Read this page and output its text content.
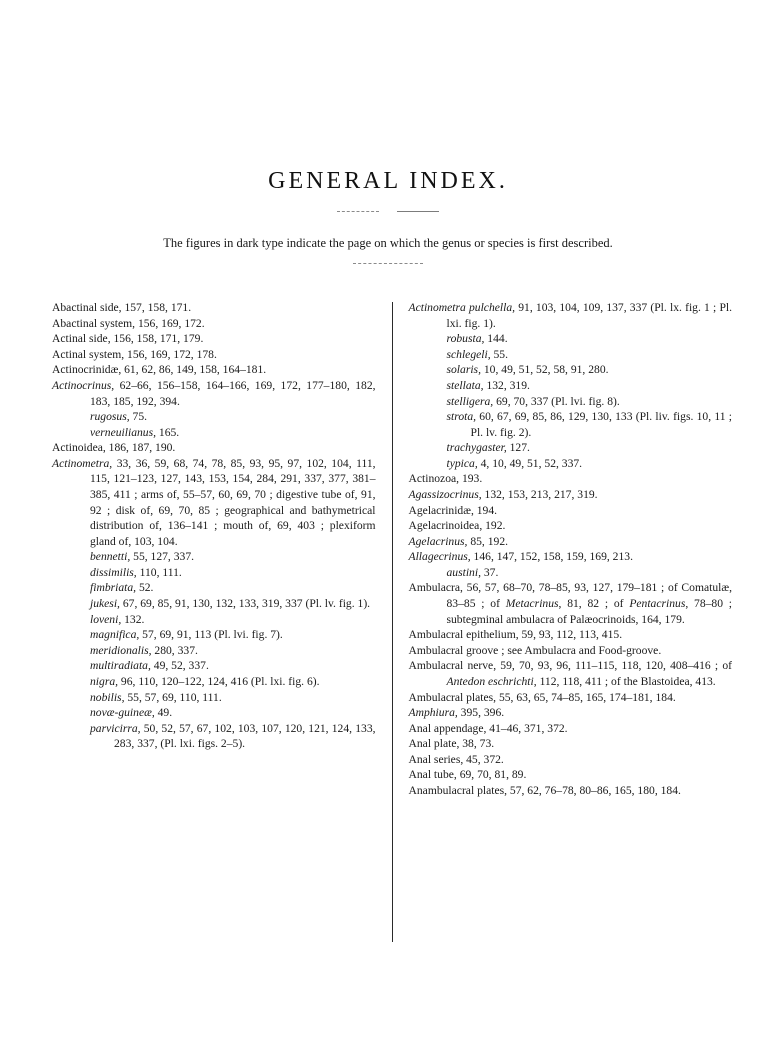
GENERAL INDEX.
The figures in dark type indicate the page on which the genus or species is first described.

Abactinal side, 157, 158, 171.

Abactinal system, 156, 169, 172.

Actinal side, 156, 158, 171, 179.

Actinal system, 156, 169, 172, 178.

Actinocrinidæ, 61, 62, 86, 149, 158, 164–181.

Actinocrinus, 62–66, 156–158, 164–166, 169, 172, 177–180, 182, 183, 185, 192, 394.

rugosus, 75.

verneuilianus, 165.

Actinoidea, 186, 187, 190.

Actinometra, 33, 36, 59, 68, 74, 78, 85, 93, 95, 97, 102, 104, 111, 115, 121–123, 127, 143, 153, 154, 284, 291, 337, 377, 381–385, 411 ; arms of, 55–57, 60, 69, 70 ; digestive tube of, 91, 92 ; disk of, 69, 70, 85 ; geographical and bathymetrical distribution of, 136–141 ; mouth of, 69, 403 ; plexiform gland of, 103, 104.

bennetti, 55, 127, 337.

dissimilis, 110, 111.

fimbriata, 52.

jukesi, 67, 69, 85, 91, 130, 132, 133, 319, 337 (Pl. lv. fig. 1).

loveni, 132.

magnifica, 57, 69, 91, 113 (Pl. lvi. fig. 7).

meridionalis, 280, 337.

multiradiata, 49, 52, 337.

nigra, 96, 110, 120–122, 124, 416 (Pl. lxi. fig. 6).

nobilis, 55, 57, 69, 110, 111.

novæ-guineæ, 49.

parvicirra, 50, 52, 57, 67, 102, 103, 107, 120, 121, 124, 133, 283, 337, (Pl. lxi. figs. 2–5).

Actinometra pulchella, 91, 103, 104, 109, 137, 337 (Pl. lx. fig. 1 ; Pl. lxi. fig. 1).

robusta, 144.

schlegeli, 55.

solaris, 10, 49, 51, 52, 58, 91, 280.

stellata, 132, 319.

stelligera, 69, 70, 337 (Pl. lvi. fig. 8).

strota, 60, 67, 69, 85, 86, 129, 130, 133 (Pl. liv. figs. 10, 11 ; Pl. lv. fig. 2).

trachygaster, 127.

typica, 4, 10, 49, 51, 52, 337.

Actinozoa, 193.

Agassizocrinus, 132, 153, 213, 217, 319.

Agelacrinidæ, 194.

Agelacrinoidea, 192.

Agelacrinus, 85, 192.

Allagecrinus, 146, 147, 152, 158, 159, 169, 213.

austini, 37.

Ambulacra, 56, 57, 68–70, 78–85, 93, 127, 179–181 ; of Comatulæ, 83–85 ; of Metacrinus, 81, 82 ; of Pentacrinus, 78–80 ; subtegminal ambulacra of Palæocrinoids, 164, 179.

Ambulacral epithelium, 59, 93, 112, 113, 415.

Ambulacral groove ; see Ambulacra and Food-groove.

Ambulacral nerve, 59, 70, 93, 96, 111–115, 118, 120, 408–416 ; of Antedon eschrichti, 112, 118, 411 ; of the Blastoidea, 413.

Ambulacral plates, 55, 63, 65, 74–85, 165, 174–181, 184.

Amphiura, 395, 396.

Anal appendage, 41–46, 371, 372.

Anal plate, 38, 73.

Anal series, 45, 372.

Anal tube, 69, 70, 81, 89.

Anambulacral plates, 57, 62, 76–78, 80–86, 165, 180, 184.
